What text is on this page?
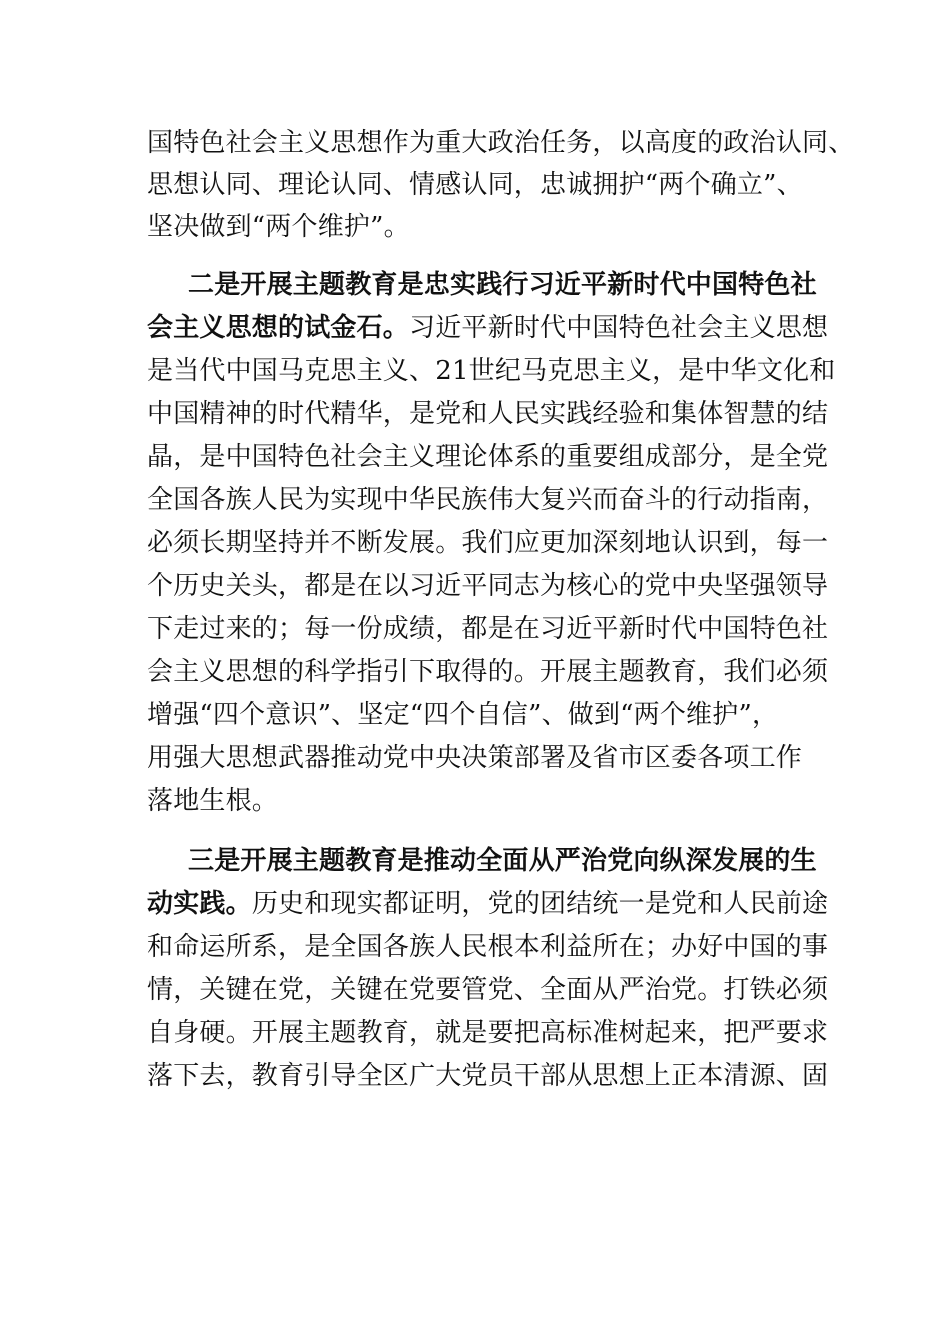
国特色社会主义思想作为重大政治任务，以高度的政治认同、
思想认同、理论认同、情感认同，忠诚拥护“两个确立”、
坚决做到“两个维护”。
二是开展主题教育是忠实践行习近平新时代中国特色社
会主义思想的试金石。习近平新时代中国特色社会主义思想
是当代中国马克思主义、21世纪马克思主义，是中华文化和
中国精神的时代精华，是党和人民实践经验和集体智慧的结
晶，是中国特色社会主义理论体系的重要组成部分，是全党
全国各族人民为实现中华民族伟大复兴而奋斗的行动指南，
必须长期坚持并不断发展。我们应更加深刻地认识到，每一
个历史关头，都是在以习近平同志为核心的党中央坚强领导
下走过来的；每一份成绩，都是在习近平新时代中国特色社
会主义思想的科学指引下取得的。开展主题教育，我们必须
增强“四个意识”、坚定“四个自信”、做到“两个维护”，
用强大思想武器推动党中央决策部署及省市区委各项工作
落地生根。
三是开展主题教育是推动全面从严治党向纵深发展的生
动实践。历史和现实都证明，党的团结统一是党和人民前途
和命运所系，是全国各族人民根本利益所在；办好中国的事
情，关键在党，关键在党要管党、全面从严治党。打铁必须
自身硬。开展主题教育，就是要把高标准树起来，把严要求
落下去，教育引导全区广大党员干部从思想上正本清源、固
